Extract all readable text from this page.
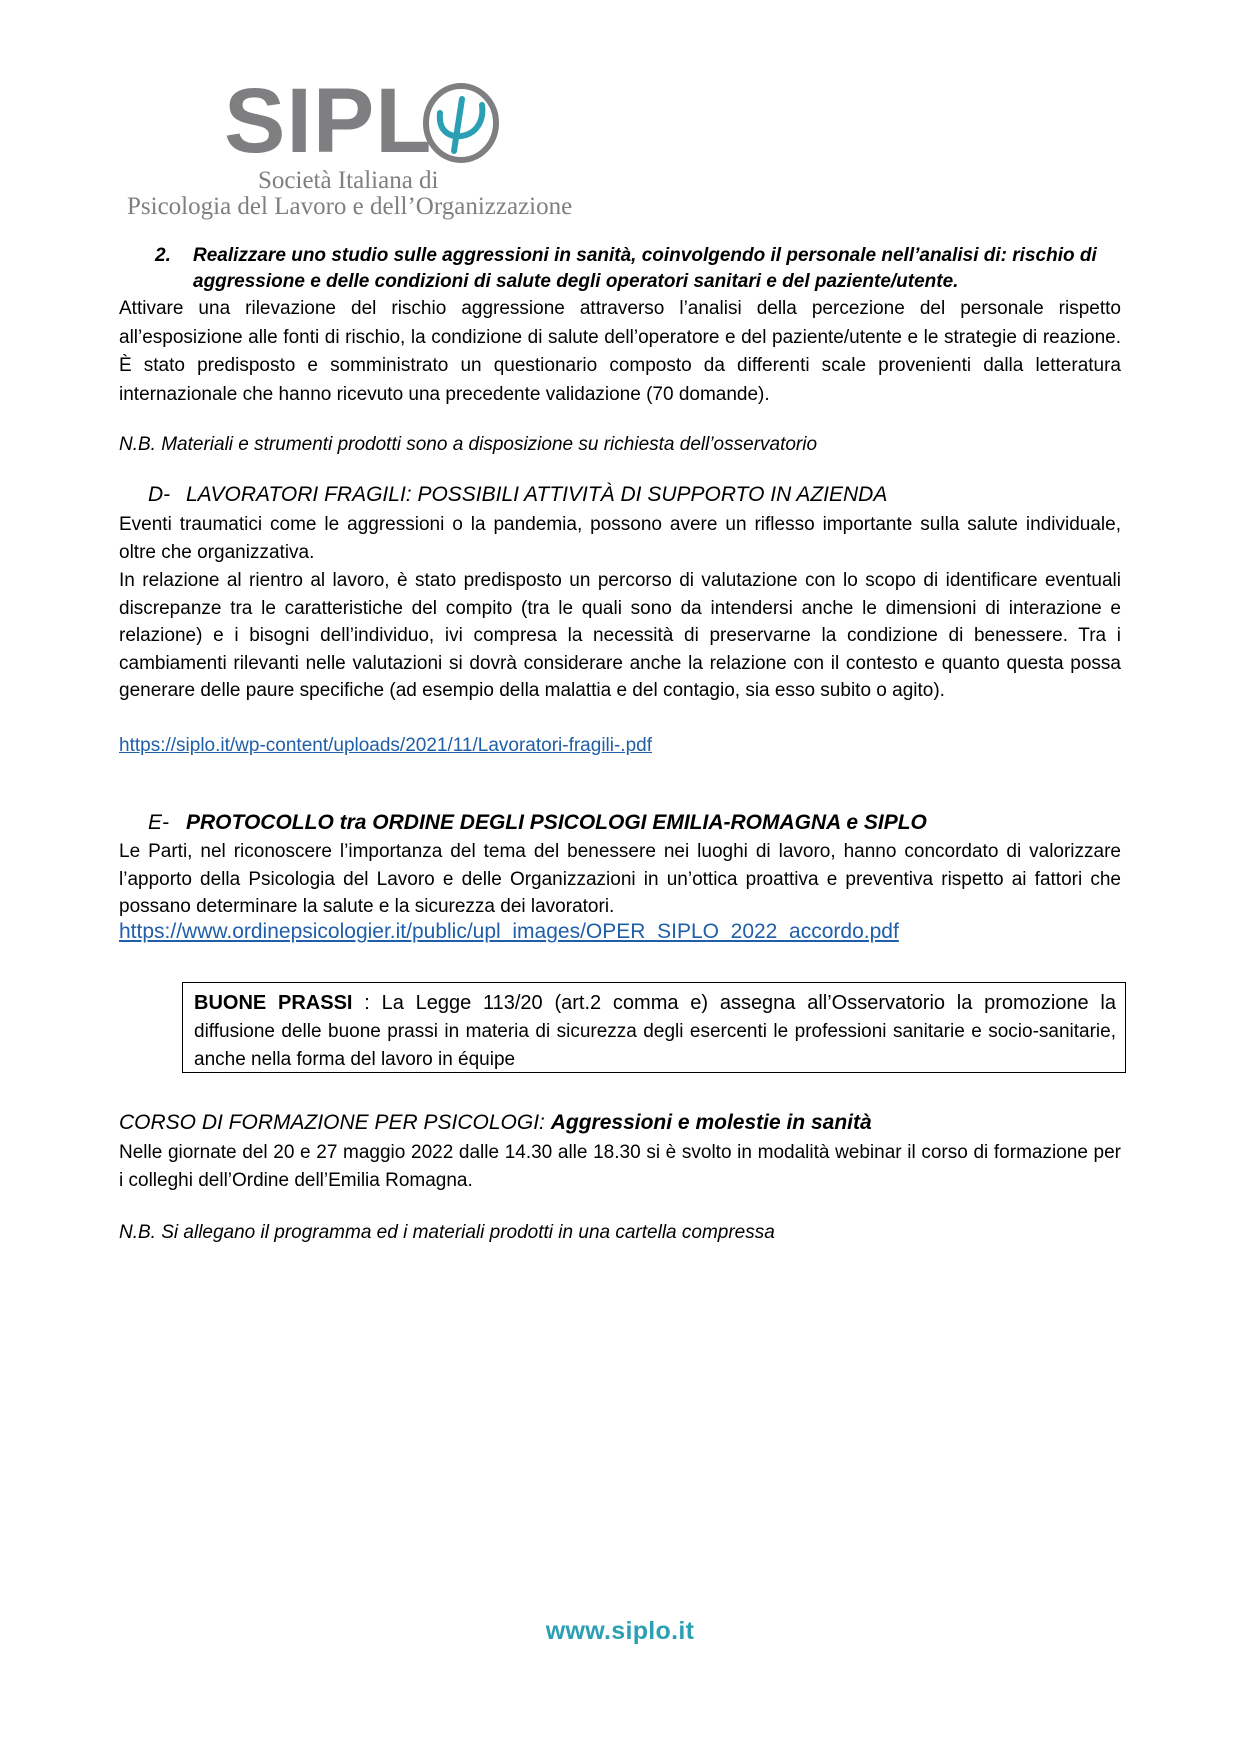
SIPL
Società Italiana di
Psicologia del Lavoro e dell’Organizzazione
2. Realizzare uno studio sulle aggressioni in sanità, coinvolgendo il personale nell’analisi di: rischio di aggressione e delle condizioni di salute degli operatori sanitari e del paziente/utente.
Attivare una rilevazione del rischio aggressione attraverso l’analisi della percezione del personale rispetto all’esposizione alle fonti di rischio, la condizione di salute dell’operatore e del paziente/utente e le strategie di reazione. È stato predisposto e somministrato un questionario composto da differenti scale provenienti dalla letteratura internazionale che hanno ricevuto una precedente validazione (70 domande).
N.B. Materiali e strumenti prodotti sono a disposizione su richiesta dell’osservatorio
D- LAVORATORI FRAGILI: POSSIBILI ATTIVITÀ DI SUPPORTO IN AZIENDA
Eventi traumatici come le aggressioni o la pandemia, possono avere un riflesso importante sulla salute individuale, oltre che organizzativa.
In relazione al rientro al lavoro, è stato predisposto un percorso di valutazione con lo scopo di identificare eventuali discrepanze tra le caratteristiche del compito (tra le quali sono da intendersi anche le dimensioni di interazione e relazione) e i bisogni dell’individuo, ivi compresa la necessità di preservarne la condizione di benessere. Tra i cambiamenti rilevanti nelle valutazioni si dovrà considerare anche la relazione con il contesto e quanto questa possa generare delle paure specifiche (ad esempio della malattia e del contagio, sia esso subito o agito).
https://siplo.it/wp-content/uploads/2021/11/Lavoratori-fragili-.pdf
E- PROTOCOLLO tra ORDINE DEGLI PSICOLOGI EMILIA-ROMAGNA e SIPLO
Le Parti, nel riconoscere l’importanza del tema del benessere nei luoghi di lavoro, hanno concordato di valorizzare l’apporto della Psicologia del Lavoro e delle Organizzazioni in un’ottica proattiva e preventiva rispetto ai fattori che possano determinare la salute e la sicurezza dei lavoratori.
https://www.ordinepsicologier.it/public/upl_images/OPER_SIPLO_2022_accordo.pdf
BUONE PRASSI : La Legge 113/20 (art.2 comma e) assegna all’Osservatorio la promozione la diffusione delle buone prassi in materia di sicurezza degli esercenti le professioni sanitarie e socio-sanitarie, anche nella forma del lavoro in équipe
CORSO DI FORMAZIONE PER PSICOLOGI: Aggressioni e molestie in sanità
Nelle giornate del 20 e 27 maggio 2022 dalle 14.30 alle 18.30 si è svolto in modalità webinar il corso di formazione per i colleghi dell’Ordine dell’Emilia Romagna.
N.B. Si allegano il programma ed i materiali prodotti in una cartella compressa
www.siplo.it
